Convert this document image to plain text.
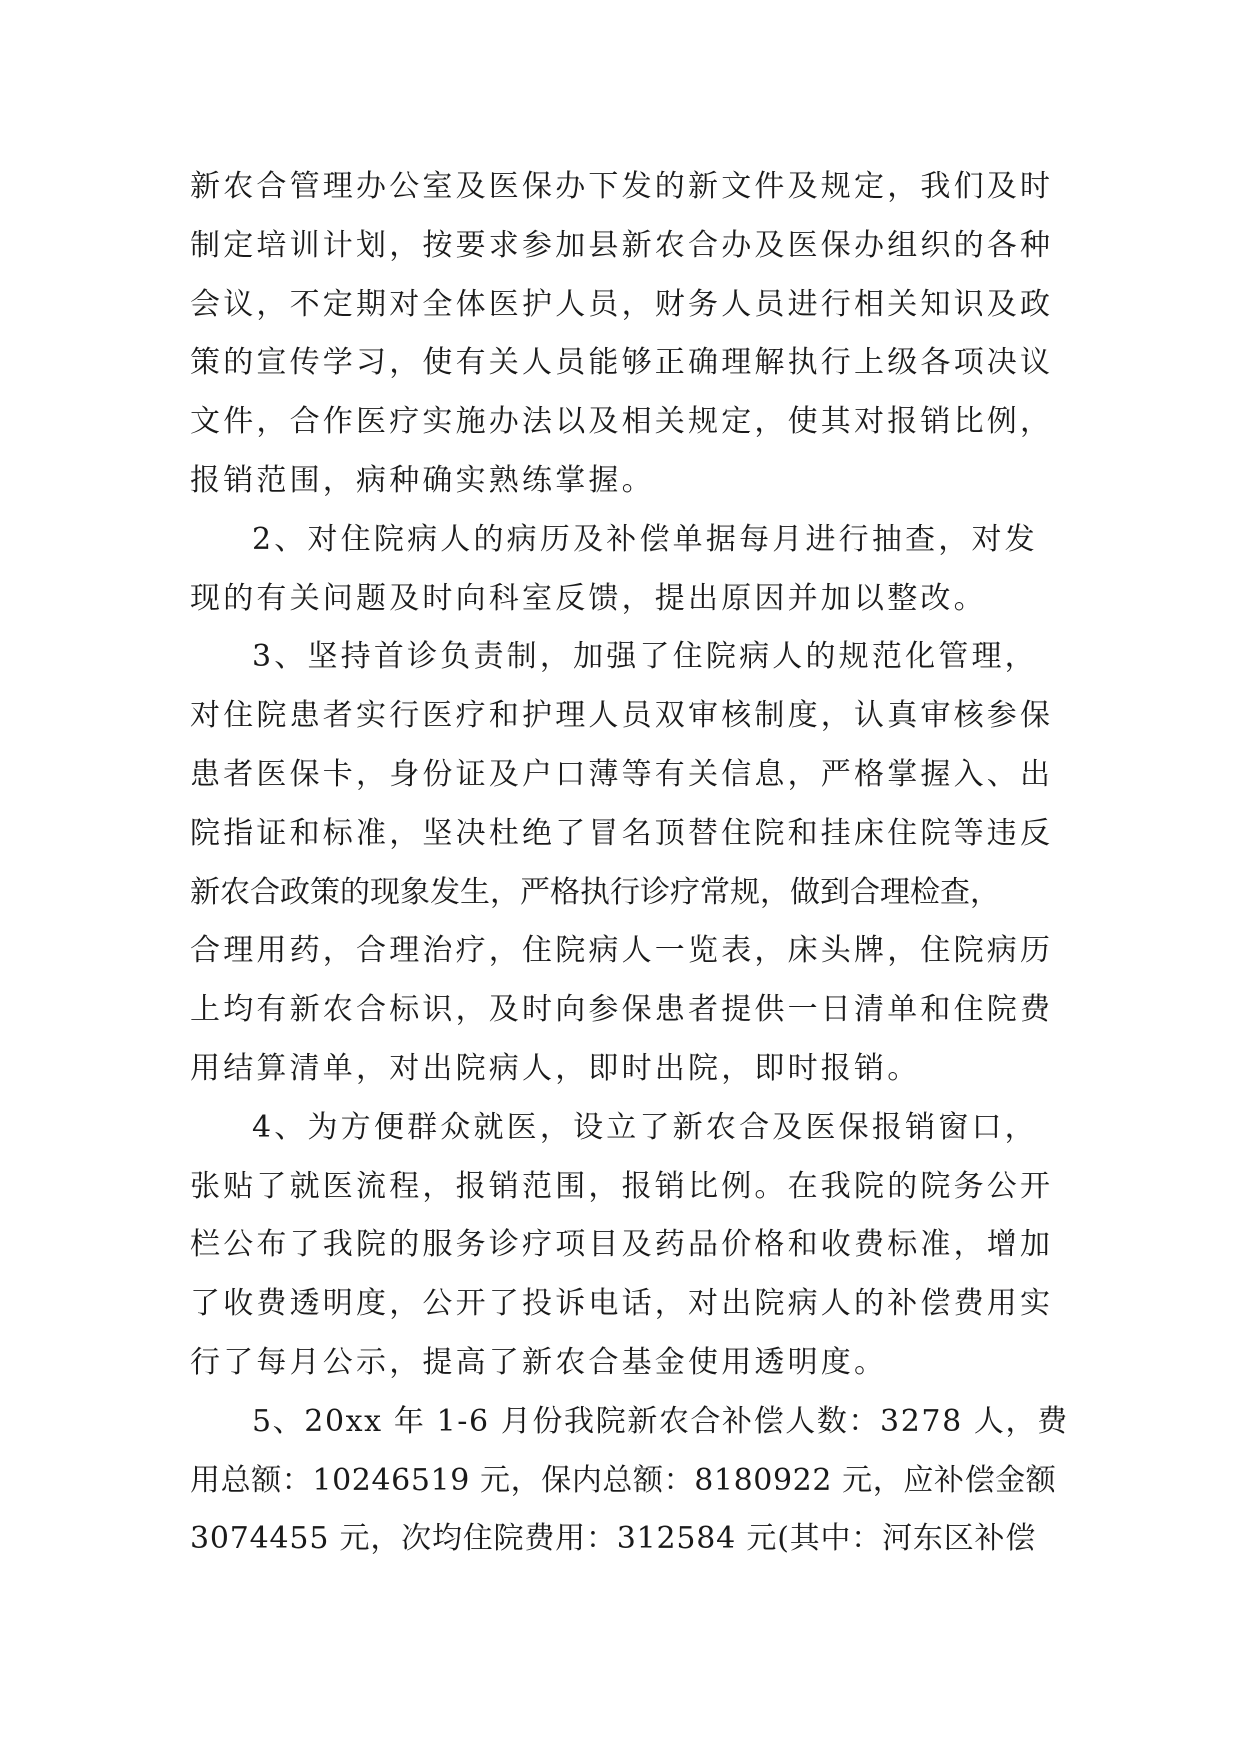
新农合管理办公室及医保办下发的新文件及规定，我们及时
制定培训计划，按要求参加县新农合办及医保办组织的各种
会议，不定期对全体医护人员，财务人员进行相关知识及政
策的宣传学习，使有关人员能够正确理解执行上级各项决议
文件，合作医疗实施办法以及相关规定，使其对报销比例，
报销范围，病种确实熟练掌握。
2、对住院病人的病历及补偿单据每月进行抽查，对发
现的有关问题及时向科室反馈，提出原因并加以整改。
3、坚持首诊负责制，加强了住院病人的规范化管理，
对住院患者实行医疗和护理人员双审核制度，认真审核参保
患者医保卡，身份证及户口薄等有关信息，严格掌握入、出
院指证和标准，坚决杜绝了冒名顶替住院和挂床住院等违反
新农合政策的现象发生，严格执行诊疗常规，做到合理检查，
合理用药，合理治疗，住院病人一览表，床头牌，住院病历
上均有新农合标识，及时向参保患者提供一日清单和住院费
用结算清单，对出院病人，即时出院，即时报销。
4、为方便群众就医，设立了新农合及医保报销窗口，
张贴了就医流程，报销范围，报销比例。在我院的院务公开
栏公布了我院的服务诊疗项目及药品价格和收费标准，增加
了收费透明度，公开了投诉电话，对出院病人的补偿费用实
行了每月公示，提高了新农合基金使用透明度。
5、20xx 年 1-6 月份我院新农合补偿人数：3278 人，费
用总额：10246519 元，保内总额：8180922 元，应补偿金额
3074455 元，次均住院费用：312584 元(其中：河东区补偿
